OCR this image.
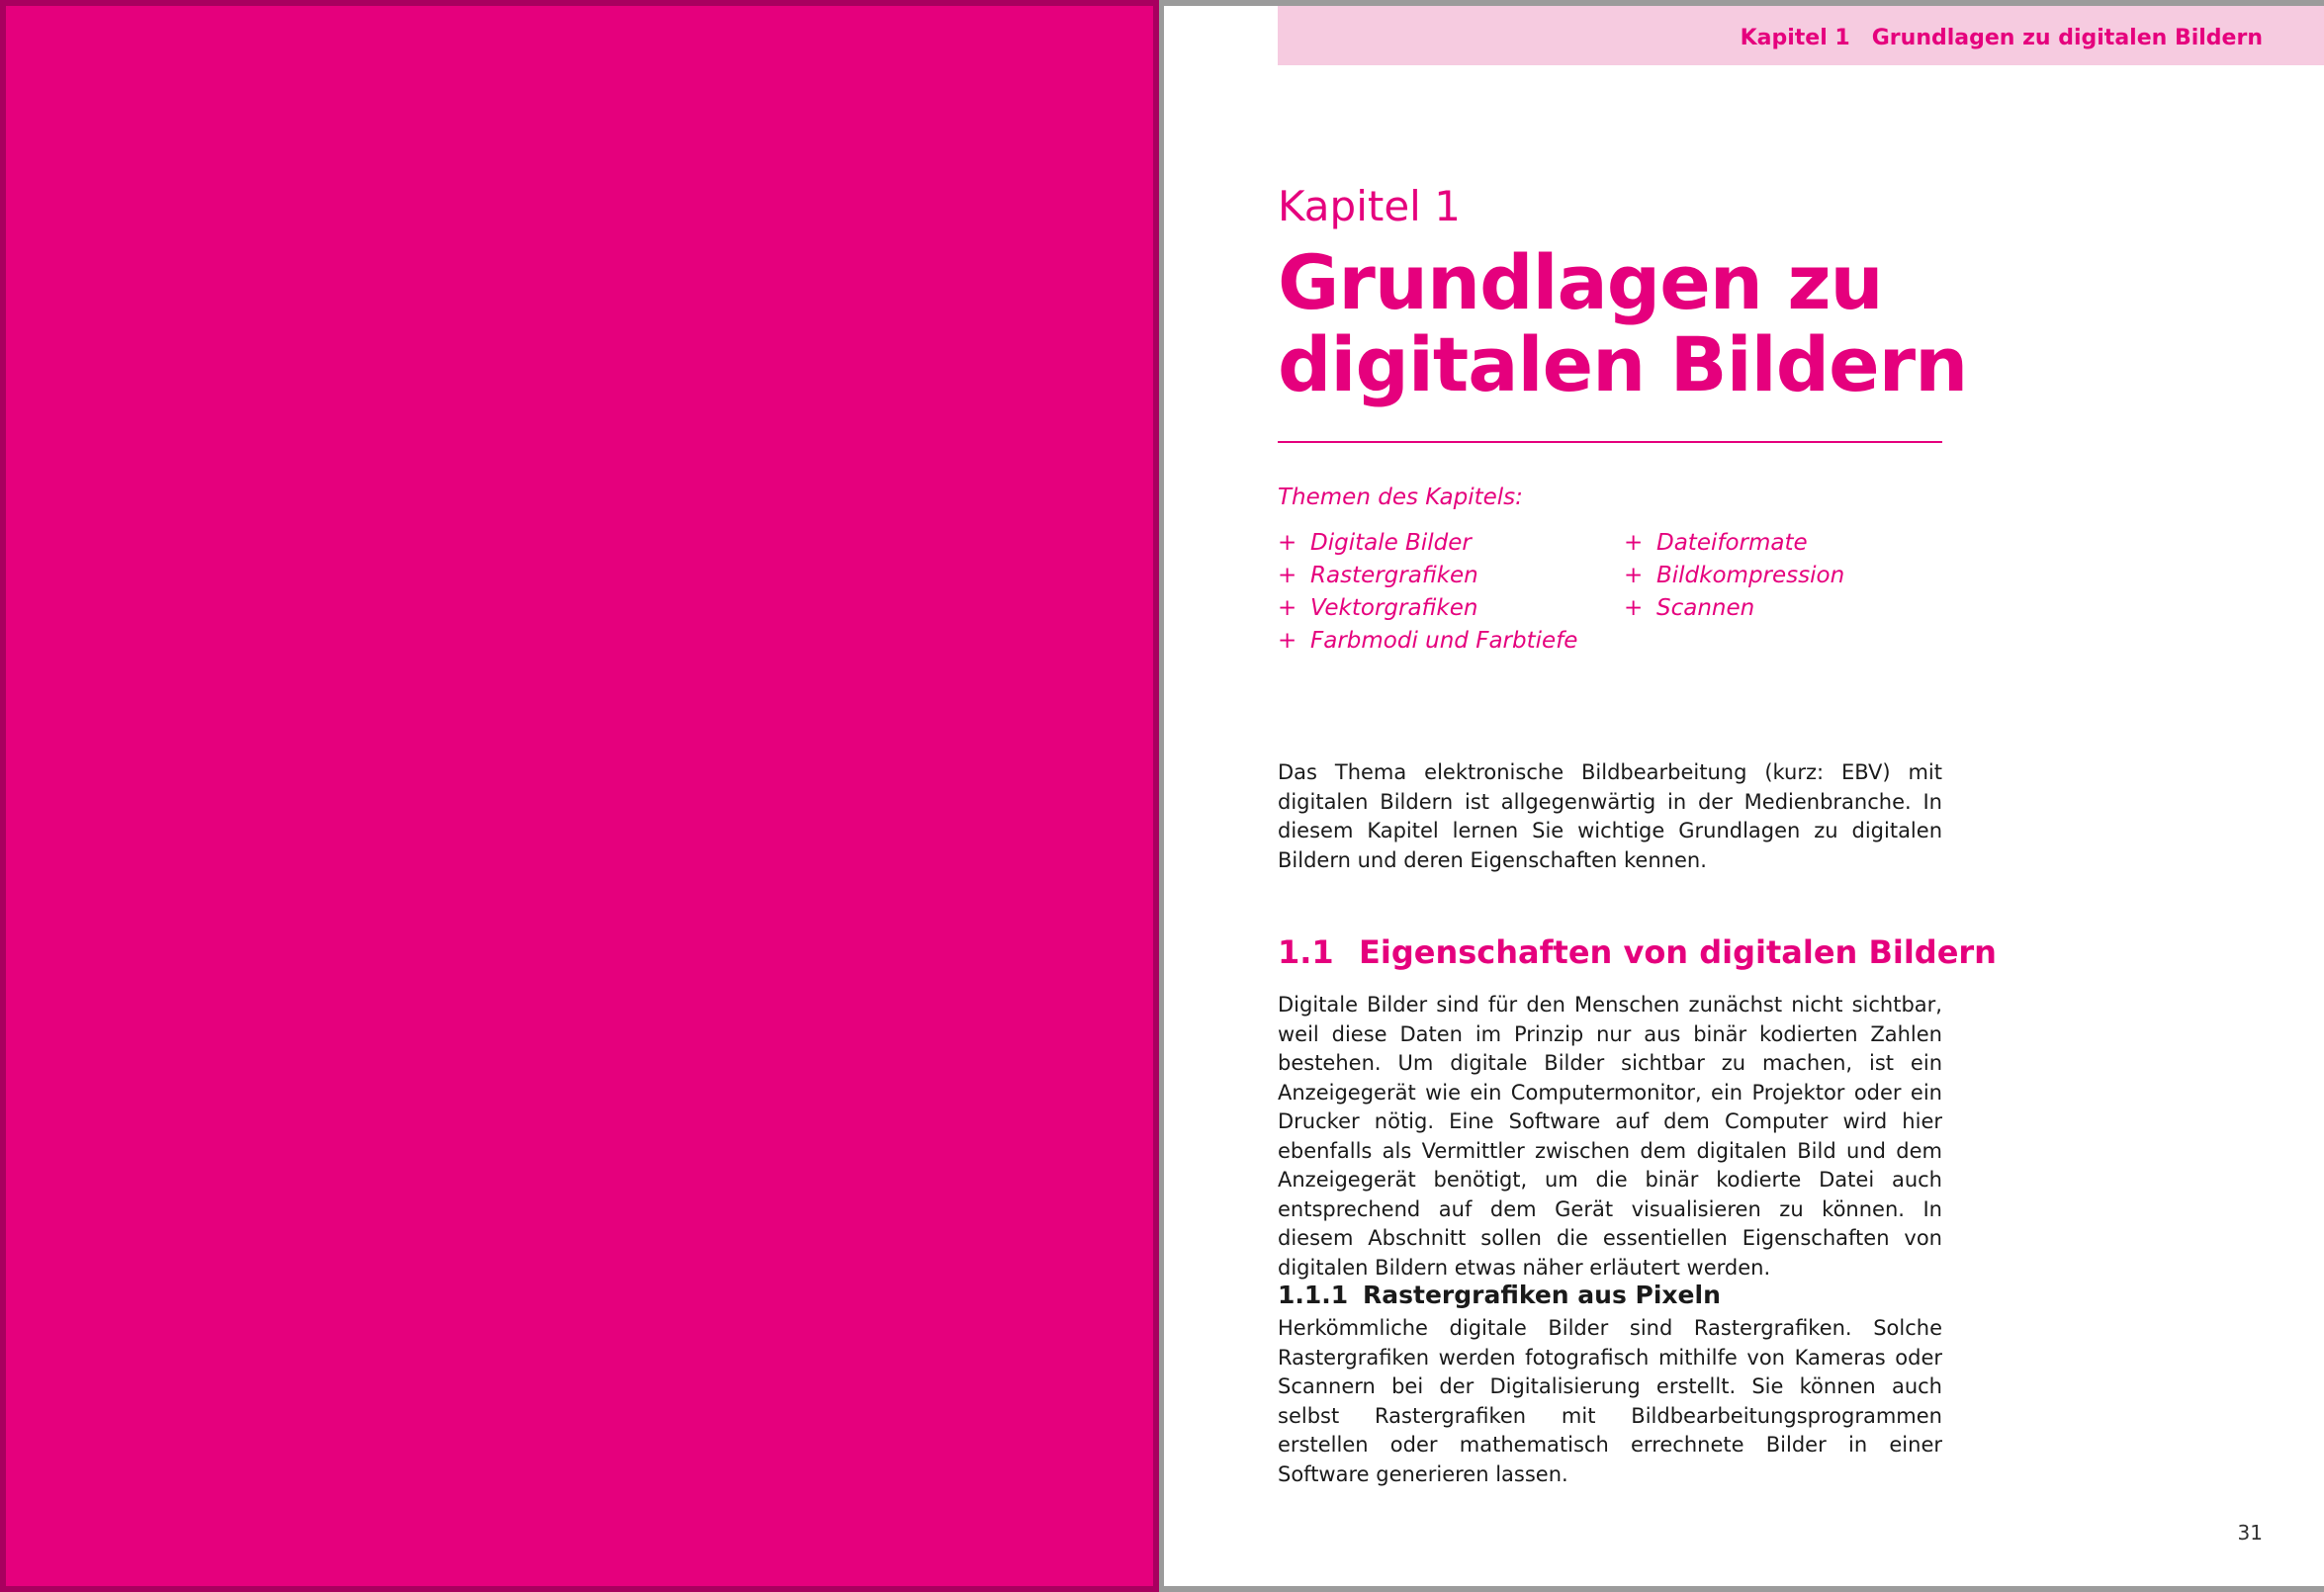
Kapitel 1 Grundlagen zu digitalen Bildern
Kapitel 1
Grundlagen zu digitalen Bildern
Themen des Kapitels:
+ Digitale Bilder
+ Rastergrafiken
+ Vektorgrafiken
+ Farbmodi und Farbtiefe
+ Dateiformate
+ Bildkompression
+ Scannen

Das Thema elektronische Bildbearbeitung (kurz: EBV) mit digitalen Bildern ist allgegenwärtig in der Medienbranche. In diesem Kapitel lernen Sie wichtige Grundlagen zu digitalen Bildern und deren Eigenschaften kennen.

1.1 Eigenschaften von digitalen Bildern

Digitale Bilder sind für den Menschen zunächst nicht sichtbar, weil diese Daten im Prinzip nur aus binär kodierten Zahlen bestehen. Um digitale Bilder sichtbar zu machen, ist ein Anzeigegerät wie ein Computermonitor, ein Projektor oder ein Drucker nötig. Eine Software auf dem Computer wird hier ebenfalls als Vermittler zwischen dem digitalen Bild und dem Anzeigegerät benötigt, um die binär kodierte Datei auch entsprechend auf dem Gerät visualisieren zu können. In diesem Abschnitt sollen die essentiellen Eigenschaften von digitalen Bildern etwas näher erläutert werden.

1.1.1 Rastergrafiken aus Pixeln

Herkömmliche digitale Bilder sind Rastergrafiken. Solche Rastergrafiken werden fotografisch mithilfe von Kameras oder Scannern bei der Digitalisierung erstellt. Sie können auch selbst Rastergrafiken mit Bildbearbeitungsprogrammen erstellen oder mathematisch errechnete Bilder in einer Software generieren lassen.

31
